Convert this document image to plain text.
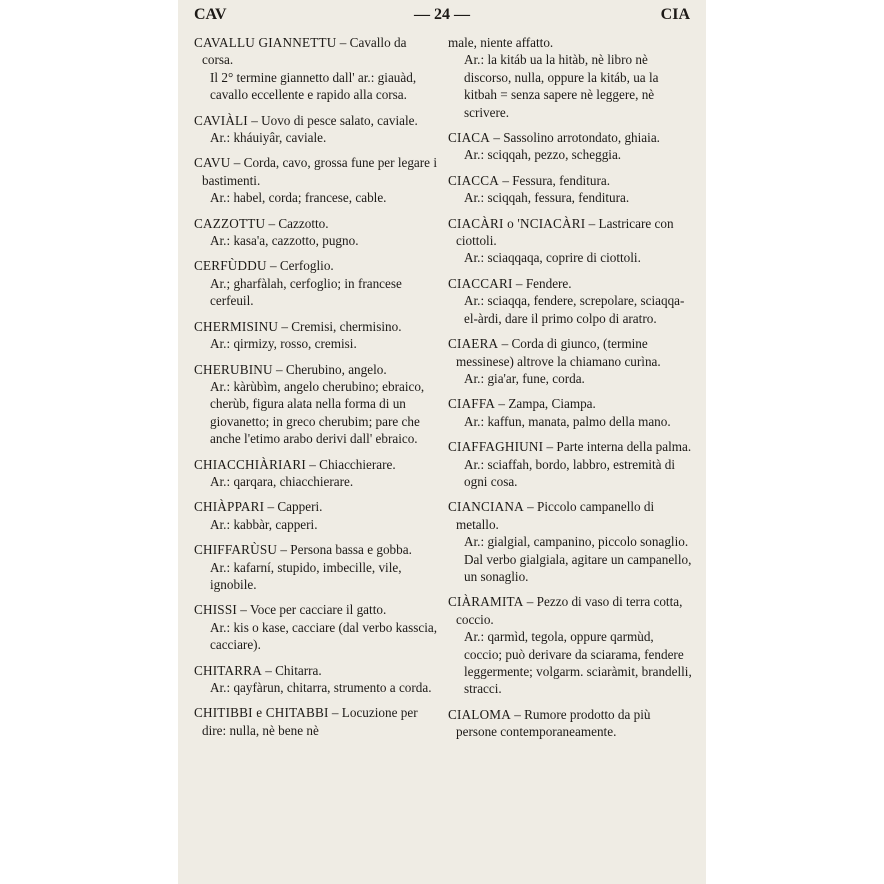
CAV	— 24 —	CIA

CAVALLU GIANNETTU – Cavallo da corsa.

Il 2° termine giannetto dall' ar.: giauàd, cavallo eccellente e rapido alla corsa.

CAVIÀLI – Uovo di pesce salato, caviale.

Ar.: kháuiyâr, caviale.

CAVU – Corda, cavo, grossa fune per legare i bastimenti.

Ar.: habel, corda; francese, cable.

CAZZOTTU – Cazzotto.

Ar.: kasa'a, cazzotto, pugno.

CERFÙDDU – Cerfoglio.

Ar.; gharfàlah, cerfoglio; in francese cerfeuil.

CHERMISINU – Cremisi, chermisino.

Ar.: qirmizy, rosso, cremisi.

CHERUBINU – Cherubino, angelo.

Ar.: kàrùbìm, angelo cherubino; ebraico, cherùb, figura alata nella forma di un giovanetto; in greco cherubim; pare che anche l'etimo arabo derivi dall' ebraico.

CHIACCHIÀRIARI – Chiacchierare.

Ar.: qarqara, chiacchierare.

CHIÀPPARI – Capperi.

Ar.: kabbàr, capperi.

CHIFFARÙSU – Persona bassa e gobba.

Ar.: kafarní, stupido, imbecille, vile, ignobile.

CHISSI – Voce per cacciare il gatto.

Ar.: kis o kase, cacciare (dal verbo kasscia, cacciare).

CHITARRA – Chitarra.

Ar.: qayfàrun, chitarra, strumento a corda.

CHITIBBI e CHITABBI – Locuzione per dire: nulla, nè bene nè

male, niente affatto.

Ar.: la kitáb ua la hitàb, nè libro nè discorso, nulla, oppure la kitáb, ua la kitbah = senza sapere nè leggere, nè scrivere.

CIACA – Sassolino arrotondato, ghiaia.

Ar.: sciqqah, pezzo, scheggia.

CIACCA – Fessura, fenditura.

Ar.: sciqqah, fessura, fenditura.

CIACÀRI o 'NCIACÀRI – Lastricare con ciottoli.

Ar.: sciaqqaqa, coprire di ciottoli.

CIACCARI – Fendere.

Ar.: sciaqqa, fendere, screpolare, sciaqqa-el-àrdi, dare il primo colpo di aratro.

CIAERA – Corda di giunco, (termine messinese) altrove la chiamano curìna.

Ar.: gia'ar, fune, corda.

CIAFFA – Zampa, Ciampa.

Ar.: kaffun, manata, palmo della mano.

CIAFFAGHIUNI – Parte interna della palma.

Ar.: sciaffah, bordo, labbro, estremità di ogni cosa.

CIANCIANA – Piccolo campanello di metallo.

Ar.: gialgial, campanino, piccolo sonaglio. Dal verbo gialgiala, agitare un campanello, un sonaglio.

CIÀRAMITA – Pezzo di vaso di terra cotta, coccio.

Ar.: qarmìd, tegola, oppure qarmùd, coccio; può derivare da sciarama, fendere leggermente; volgarm. sciaràmit, brandelli, stracci.

CIALOMA – Rumore prodotto da più persone contemporaneamente.
